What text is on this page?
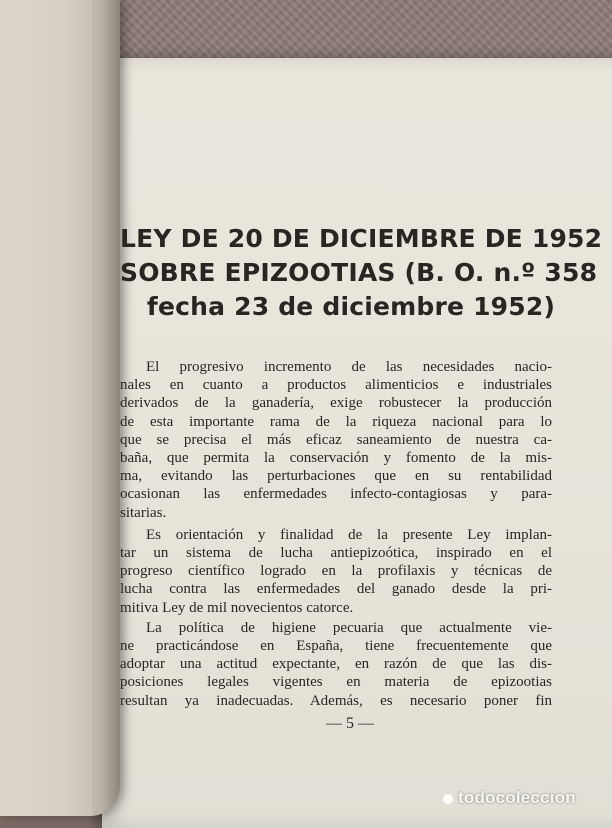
LEY DE 20 DE DICIEMBRE DE 1952
SOBRE EPIZOOTIAS (B. O. n.º 358
fecha 23 de diciembre 1952)

El progresivo incremento de las necesidades nacio-
nales en cuanto a productos alimenticios e industriales
derivados de la ganadería, exige robustecer la producción
de esta importante rama de la riqueza nacional para lo
que se precisa el más eficaz saneamiento de nuestra ca-
baña, que permita la conservación y fomento de la mis-
ma, evitando las perturbaciones que en su rentabilidad
ocasionan las enfermedades infecto-contagiosas y para-
sitarias.

Es orientación y finalidad de la presente Ley implan-
tar un sistema de lucha antiepizoótica, inspirado en el
progreso científico logrado en la profilaxis y técnicas de
lucha contra las enfermedades del ganado desde la pri-
mitiva Ley de mil novecientos catorce.

La política de higiene pecuaria que actualmente vie-
ne practicándose en España, tiene frecuentemente que
adoptar una actitud expectante, en razón de que las dis-
posiciones legales vigentes en materia de epizootias
resultan ya inadecuadas. Además, es necesario poner fin

— 5 —
todocoleccion
